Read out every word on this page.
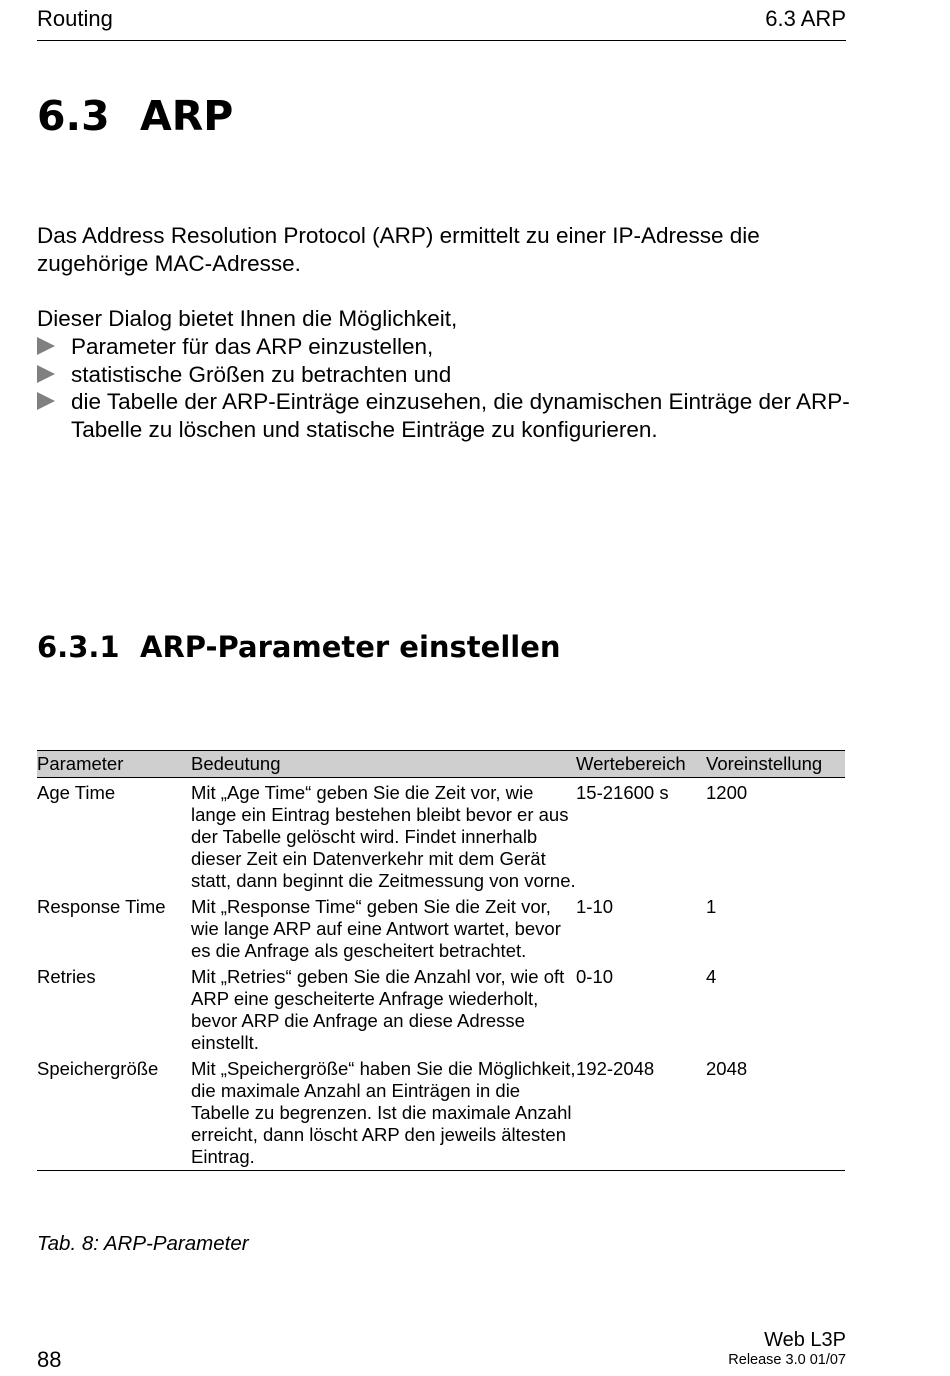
Routing	6.3 ARP
6.3 ARP

Das Address Resolution Protocol (ARP) ermittelt zu einer IP-Adresse die zugehörige MAC-Adresse.

Dieser Dialog bietet Ihnen die Möglichkeit,

Parameter für das ARP einzustellen,
statistische Größen zu betrachten und
die Tabelle der ARP-Einträge einzusehen, die dynamischen Einträge der ARP-Tabelle zu löschen und statische Einträge zu konfigurieren.
6.3.1 ARP-Parameter einstellen
Parameter	Bedeutung	Wertebereich	Voreinstellung
Age Time	Mit „Age Time“ geben Sie die Zeit vor, wie lange ein Eintrag bestehen bleibt bevor er aus der Tabelle gelöscht wird. Findet innerhalb dieser Zeit ein Datenverkehr mit dem Gerät statt, dann beginnt die Zeitmessung von vorne.	15-21600 s	1200
Response Time	Mit „Response Time“ geben Sie die Zeit vor, wie lange ARP auf eine Antwort wartet, bevor es die Anfrage als gescheitert betrachtet.	1-10	1
Retries	Mit „Retries“ geben Sie die Anzahl vor, wie oft ARP eine gescheiterte Anfrage wiederholt, bevor ARP die Anfrage an diese Adresse einstellt.	0-10	4
Speichergröße	Mit „Speichergröße“ haben Sie die Möglichkeit, die maximale Anzahl an Einträgen in die Tabelle zu begrenzen. Ist die maximale Anzahl erreicht, dann löscht ARP den jeweils ältesten Eintrag.	192-2048	2048

Tab. 8: ARP-Parameter

88
Web L3P
Release 3.0 01/07
